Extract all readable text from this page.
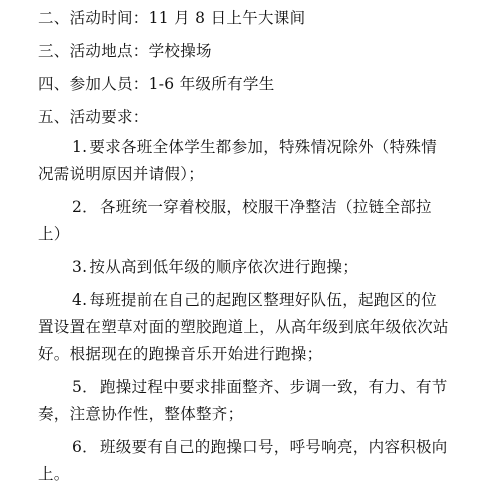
二、活动时间：11 月 8 日上午大课间
三、活动地点：学校操场
四、参加人员：1-6 年级所有学生
五、活动要求：
1. 要求各班全体学生都参加，特殊情况除外（特殊情况需说明原因并请假）；
2． 各班统一穿着校服，校服干净整洁（拉链全部拉上）
3. 按从高到低年级的顺序依次进行跑操；
4. 每班提前在自己的起跑区整理好队伍，起跑区的位置设置在塑草对面的塑胶跑道上，从高年级到底年级依次站好。根据现在的跑操音乐开始进行跑操；
5． 跑操过程中要求排面整齐、步调一致，有力、有节奏，注意协作性，整体整齐；
6． 班级要有自己的跑操口号，呼号响亮，内容积极向上。
